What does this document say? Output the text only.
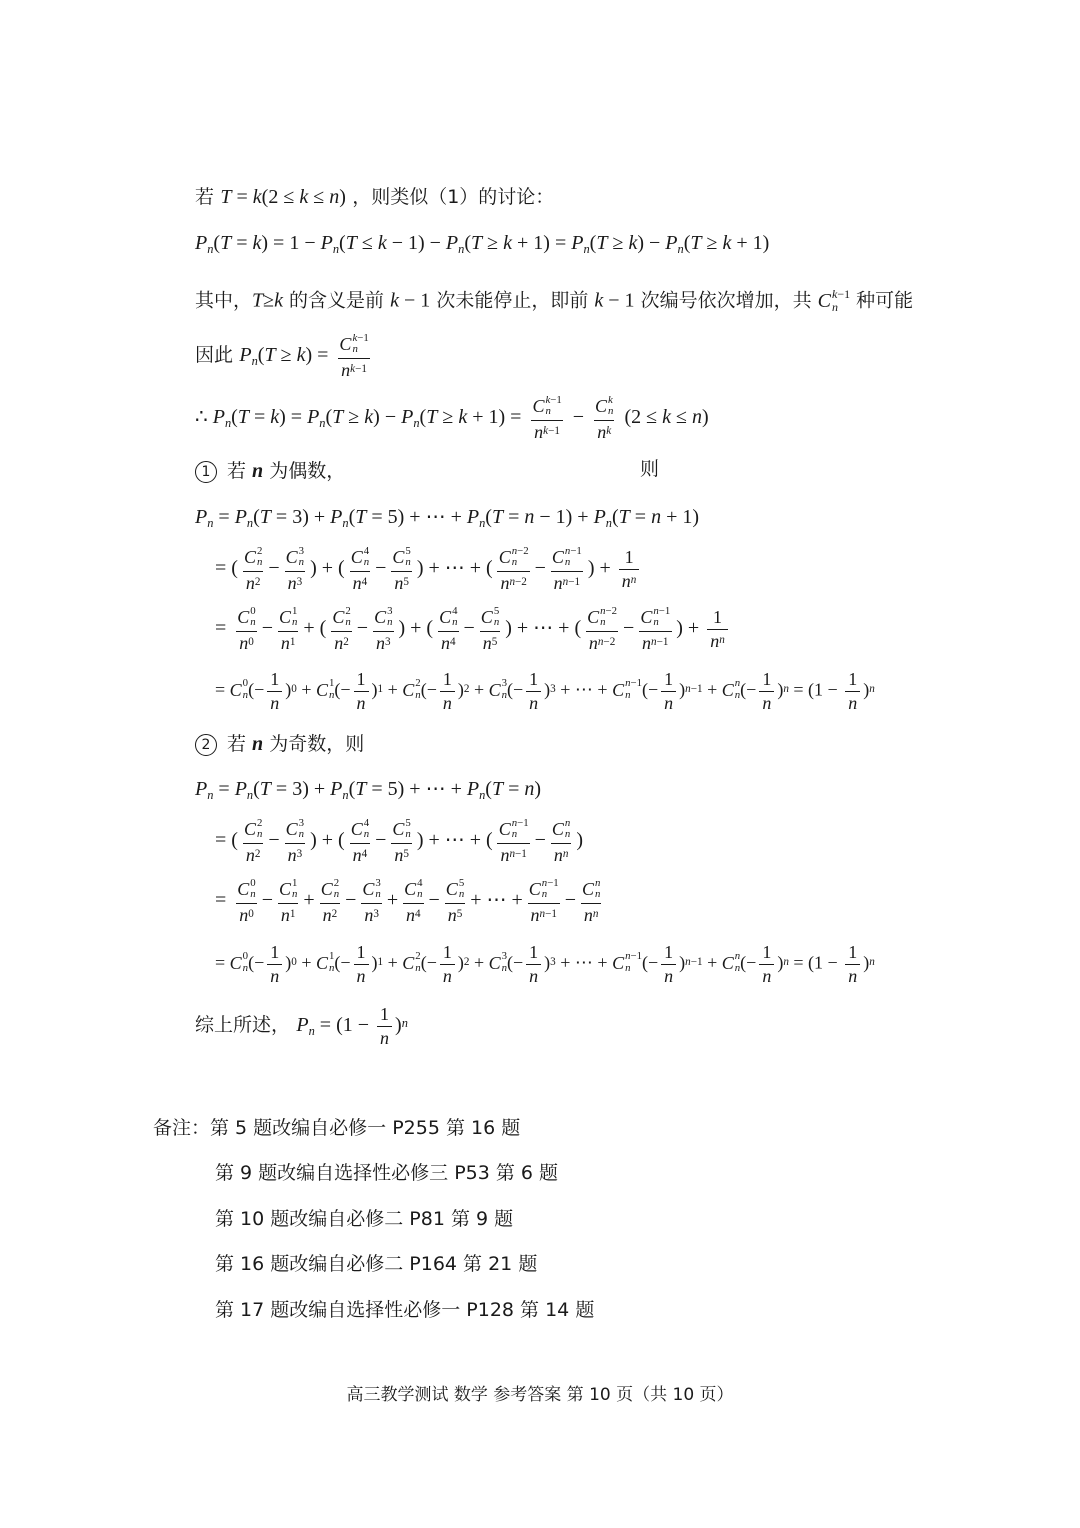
若 T = k(2 ≤ k ≤ n) ，则类似（1）的讨论：
$P_n(T = k) = 1 - P_n(T \le k - 1) - P_n(T \ge k + 1) = P_n(T \ge k) - P_n(T \ge k + 1)$
其中，T≥k 的含义是前 k − 1 次未能停止，即前 k − 1 次编号依次增加，共 C k−1
n 种可能
因此 $P_n(T \ge k) = C$ k−1
n
$n^{k-1}$
∴ $P_n(T = k) = P_n(T \ge k) - P_n(T \ge k + 1) = C$ k−1
n
$n^{k-1} - C$ k
n
$n^k$ (2 ≤ k ≤ n)
1 若 n 为偶数，	则
$P_n = P_n(T = 3) + P_n(T = 5)$ + ⋯ + $P_n(T = n - 1) + P_n(T = n + 1)$
= ( C 2
n
$n^2 - C$ 3
n
$n^3$ ) + ( C 4
n
$n^4 - C$ 5
n
$n^5$ ) + ⋯ + ( C n−2
n
$n^{n-2} - C$ n−1
n
$n^{n-1}$ ) + $\frac{1}{n^n}$
= C 0
n
$n^0 - C$ 1
n
$n^1$ + ( C 2
n
$n^2 - C$ 3
n
$n^3$ ) + ( C 4
n
$n^4 - C$ 5
n
$n^5$ ) + ⋯ + ( C n−2
n
$n^{n-2} - C$ n−1
n
$n^{n-1}$ ) + $\frac{1}{n^n}$
= C 0
n (− $\frac{1}{n} )^0 + C$ 1
n (− $\frac{1}{n} )^1 + C$ 2
n (− $\frac{1}{n} )^2 + C$ 3
n (− $\frac{1}{n} )^3$ + ⋯ + C n−1
n (− $\frac{1}{n} )^{n-1} + C$ n
n (− $\frac{1}{n} )^n = (1 - \frac{1}{n} )^n$
2 若 n 为奇数，则
$P_n = P_n(T = 3) + P_n(T = 5)$ + ⋯ + $P_n(T = n)$
= ( C 2
n
$n^2 - C$ 3
n
$n^3$ ) + ( C 4
n
$n^4 - C$ 5
n
$n^5$ ) + ⋯ + ( C n−1
n
$n^{n-1} - C$ n
n
$n^n$ )
= C 0
n
$n^0 - C$ 1
n
$n^1 + C$ 2
n
$n^2 - C$ 3
n
$n^3 + C$ 4
n
$n^4 - C$ 5
n
$n^5$ + ⋯ + C n−1
n
$n^{n-1} - C$ n
n
$n^n$
= C 0
n (− $\frac{1}{n} )^0 + C$ 1
n (− $\frac{1}{n} )^1 + C$ 2
n (− $\frac{1}{n} )^2 + C$ 3
n (− $\frac{1}{n} )^3$ + ⋯ + C n−1
n (− $\frac{1}{n} )^{n-1} + C$ n
n (− $\frac{1}{n} )^n = (1 - \frac{1}{n} )^n$
综上所述， $P_n = (1 - \frac{1}{n} )^n$
备注：第 5 题改编自必修一 P255 第 16 题
第 9 题改编自选择性必修三 P53 第 6 题
第 10 题改编自必修二 P81 第 9 题
第 16 题改编自必修二 P164 第 21 题
第 17 题改编自选择性必修一 P128 第 14 题
高三教学测试 数学 参考答案 第 10 页（共 10 页）
